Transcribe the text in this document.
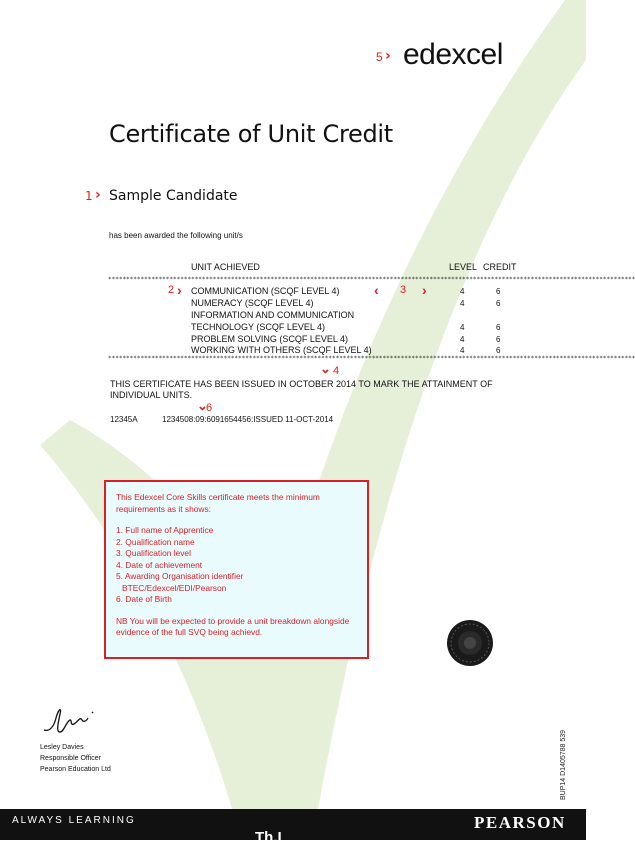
5 › edexcel
Certificate of Unit Credit
1 › Sample Candidate
has been awarded the following unit/s
UNIT ACHIEVED	LEVEL CREDIT
**************************************************************************************************************************************************
2 ›	‹ 3 ›
COMMUNICATION (SCQF LEVEL 4)	4	6
NUMERACY (SCQF LEVEL 4)	4	6
INFORMATION AND COMMUNICATION
TECHNOLOGY (SCQF LEVEL 4)	4	6
PROBLEM SOLVING (SCQF LEVEL 4)	4	6
WORKING WITH OTHERS (SCQF LEVEL 4)	4	6
**************************************************************************************************************************************************
⌄ 4
THIS CERTIFICATE HAS BEEN ISSUED IN OCTOBER 2014 TO MARK THE ATTAINMENT OF INDIVIDUAL UNITS.
⌄
6
12345A	1234508:09:6091654456:ISSUED 11-OCT-2014

This Edexcel Core Skills certificate meets the minimum requirements as it shows:

1. Full name of Apprentice

2. Qualification name

3. Qualification level

4. Date of achievement

5. Awarding Organisation identifier

BTEC/Edexcel/EDI/Pearson

6. Date of Birth

NB You will be expected to provide a unit breakdown alongside evidence of the full SVQ being achievd.

Lesley Davies
Responsible Officer
Pearson Education Ltd	BUP14 D1405788 539
ALWAYS LEARNING	PEARSON
Th.I
